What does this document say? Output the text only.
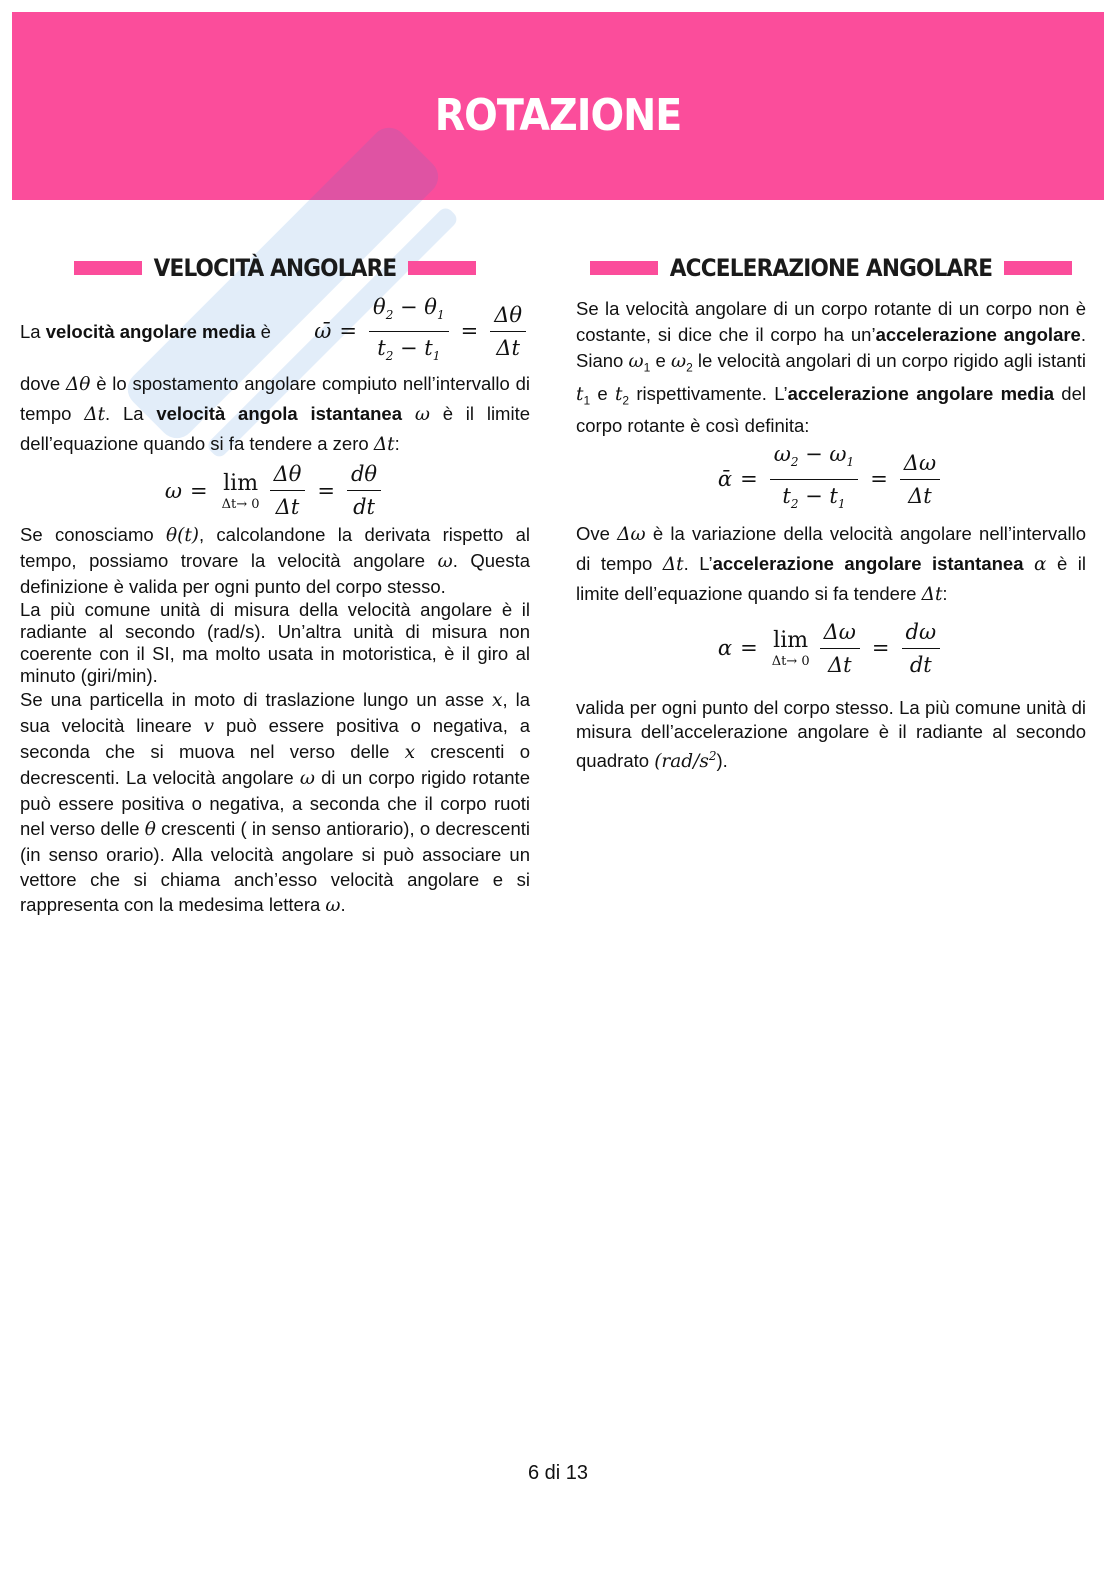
ROTAZIONE
VELOCITÀ ANGOLARE
La velocità angolare media è ω̄ = $\frac{\theta_2 - \theta_1}{t_2 - t_1} = \frac{\Delta\theta}{\Delta t}$

dove Δθ è lo spostamento angolare compiuto nell’intervallo di tempo Δt. La velocità angola istantanea ω è il limite dell’equazione quando si fa tendere a zero Δt:

ω = lim
$\Delta t\to 0 \frac{\Delta\theta}{\Delta t} = \frac{d\theta}{dt}$

Se conosciamo θ(t), calcolandone la derivata rispetto al tempo, possiamo trovare la velocità angolare ω. Questa definizione è valida per ogni punto del corpo stesso.

La più comune unità di misura della velocità angolare è il radiante al secondo (rad/s). Un’altra unità di misura non coerente con il SI, ma molto usata in motoristica, è il giro al minuto (giri/min).

Se una particella in moto di traslazione lungo un asse x, la sua velocità lineare v può essere positiva o negativa, a seconda che si muova nel verso delle x crescenti o decrescenti. La velocità angolare ω di un corpo rigido rotante può essere positiva o negativa, a seconda che il corpo ruoti nel verso delle θ crescenti ( in senso antiorario), o decrescenti (in senso orario). Alla velocità angolare si può associare un vettore che si chiama anch’esso velocità angolare e si rappresenta con la medesima lettera ω.

ACCELERAZIONE ANGOLARE

Se la velocità angolare di un corpo rotante di un corpo non è costante, si dice che il corpo ha un’accelerazione angolare. Siano $\omega_1$ e $\omega_2$ le velocità angolari di un corpo rigido agli istanti $t_1$ e $t_2$ rispettivamente. L’accelerazione angolare media del corpo rotante è così definita:

ᾱ = $\frac{\omega_2 - \omega_1}{t_2 - t_1} = \frac{\Delta\omega}{\Delta t}$

Ove Δω è la variazione della velocità angolare nell’intervallo di tempo Δt. L’accelerazione angolare istantanea α è il limite dell’equazione quando si fa tendere Δt:

α = lim
$\Delta t\to 0 \frac{\Delta\omega}{\Delta t} = \frac{d\omega}{dt}$

valida per ogni punto del corpo stesso. La più comune unità di misura dell’accelerazione angolare è il radiante al secondo quadrato $(rad/s^2)$.

6 di 13
